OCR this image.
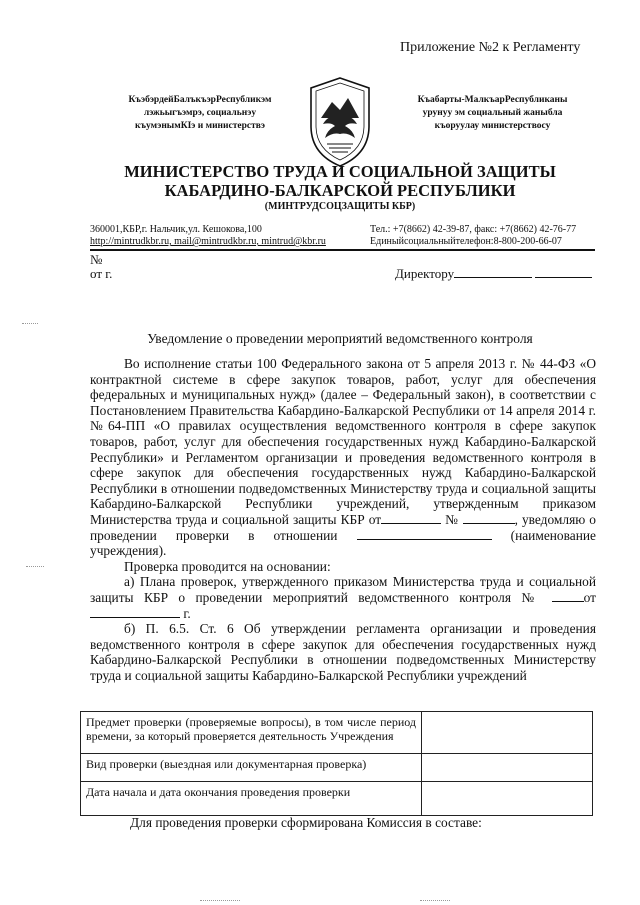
Приложение №2 к Регламенту
КъэбэрдейБалъкъэрРеспубликэм
лэжьыгъэмрэ, социальнэу
къумэнымКIэ и министерствэ
Къабарты-МалкъарРеспубликаны
урунуу эм социальный жаныбла
къоруулау министерствосу
МИНИСТЕРСТВО ТРУДА И СОЦИАЛЬНОЙ ЗАЩИТЫ
КАБАРДИНО-БАЛКАРСКОЙ РЕСПУБЛИКИ
(МИНТРУДСОЦЗАЩИТЫ КБР)
360001,КБР,г. Нальчик,ул. Кешокова,100
http://mintrudkbr.ru, mail@mintrudkbr.ru, mintrud@kbr.ru
Тел.: +7(8662) 42-39-87, факс: +7(8662) 42-76-77
Единыйсоциальныйтелефон:8-800-200-66-07
№
от г.	Директору
Уведомление о проведении мероприятий ведомственного контроля

Во исполнение статьи 100 Федерального закона от 5 апреля 2013 г. № 44-ФЗ «О контрактной системе в сфере закупок товаров, работ, услуг для обеспечения федеральных и муниципальных нужд» (далее – Федеральный закон), в соответствии с Постановлением Правительства Кабардино-Балкарской Республики от 14 апреля 2014 г. №64-ПП «О правилах осуществления ведомственного контроля в сфере закупок товаров, работ, услуг для обеспечения государственных нужд Кабардино-Балкарской Республики» и Регламентом организации и проведения ведомственного контроля в сфере закупок для обеспечения государственных нужд Кабардино-Балкарской Республики в отношении подведомственных Министерству труда и социальной защиты Кабардино-Балкарской Республики учреждений, утвержденным приказом Министерства труда и социальной защиты КБР от	№	, уведомляю о проведении проверки в отношении	(наименование учреждения).

Проверка проводится на основании:

а) Плана проверок, утвержденного приказом Министерства труда и социальной защиты КБР о проведении мероприятий ведомственного контроля №	от  г.

б) П. 6.5. Ст. 6 Об утверждении регламента организации и проведения ведомственного контроля в сфере закупок для обеспечения государственных нужд Кабардино-Балкарской Республики в отношении подведомственных Министерству труда и социальной защиты Кабардино-Балкарской Республики учреждений

Предмет проверки (проверяемые вопросы), в том числе период времени, за который проверяется деятельность Учреждения	
Вид проверки (выездная или документарная проверка)	
Дата начала и дата окончания проведения проверки	
Для проведения проверки сформирована Комиссия в составе:
